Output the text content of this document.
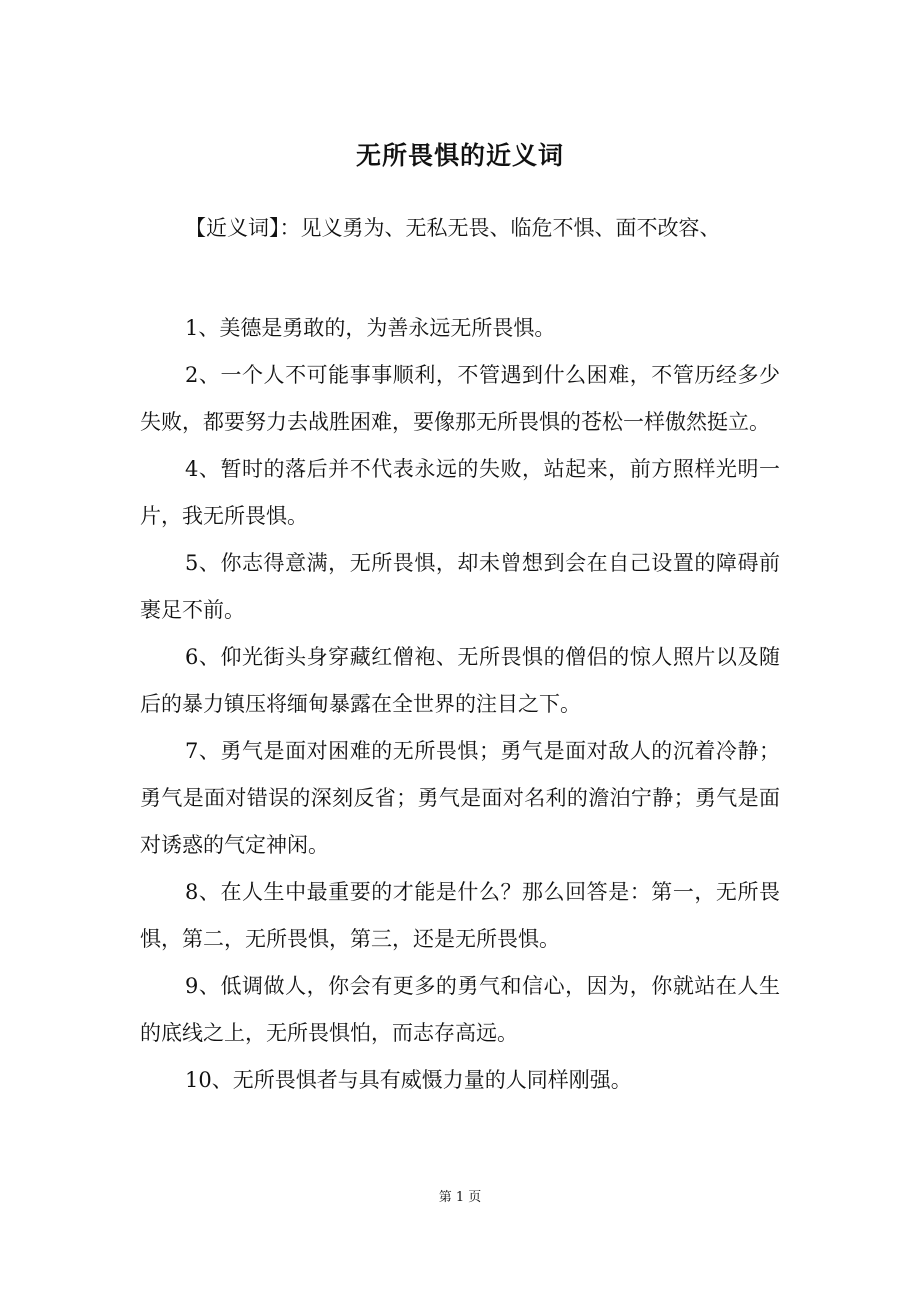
无所畏惧的近义词
【近义词】：见义勇为、无私无畏、临危不惧、面不改容、

1、美德是勇敢的，为善永远无所畏惧。

2、一个人不可能事事顺利，不管遇到什么困难，不管历经多少失败，都要努力去战胜困难，要像那无所畏惧的苍松一样傲然挺立。

4、暂时的落后并不代表永远的失败，站起来，前方照样光明一片，我无所畏惧。

5、你志得意满，无所畏惧，却未曾想到会在自己设置的障碍前裹足不前。

6、仰光街头身穿藏红僧袍、无所畏惧的僧侣的惊人照片以及随后的暴力镇压将缅甸暴露在全世界的注目之下。

7、勇气是面对困难的无所畏惧；勇气是面对敌人的沉着冷静；勇气是面对错误的深刻反省；勇气是面对名利的澹泊宁静；勇气是面对诱惑的气定神闲。

8、在人生中最重要的才能是什么？那么回答是：第一，无所畏惧，第二，无所畏惧，第三，还是无所畏惧。

9、低调做人，你会有更多的勇气和信心，因为，你就站在人生的底线之上，无所畏惧怕，而志存高远。

10、无所畏惧者与具有威慑力量的人同样刚强。

第 1 页
